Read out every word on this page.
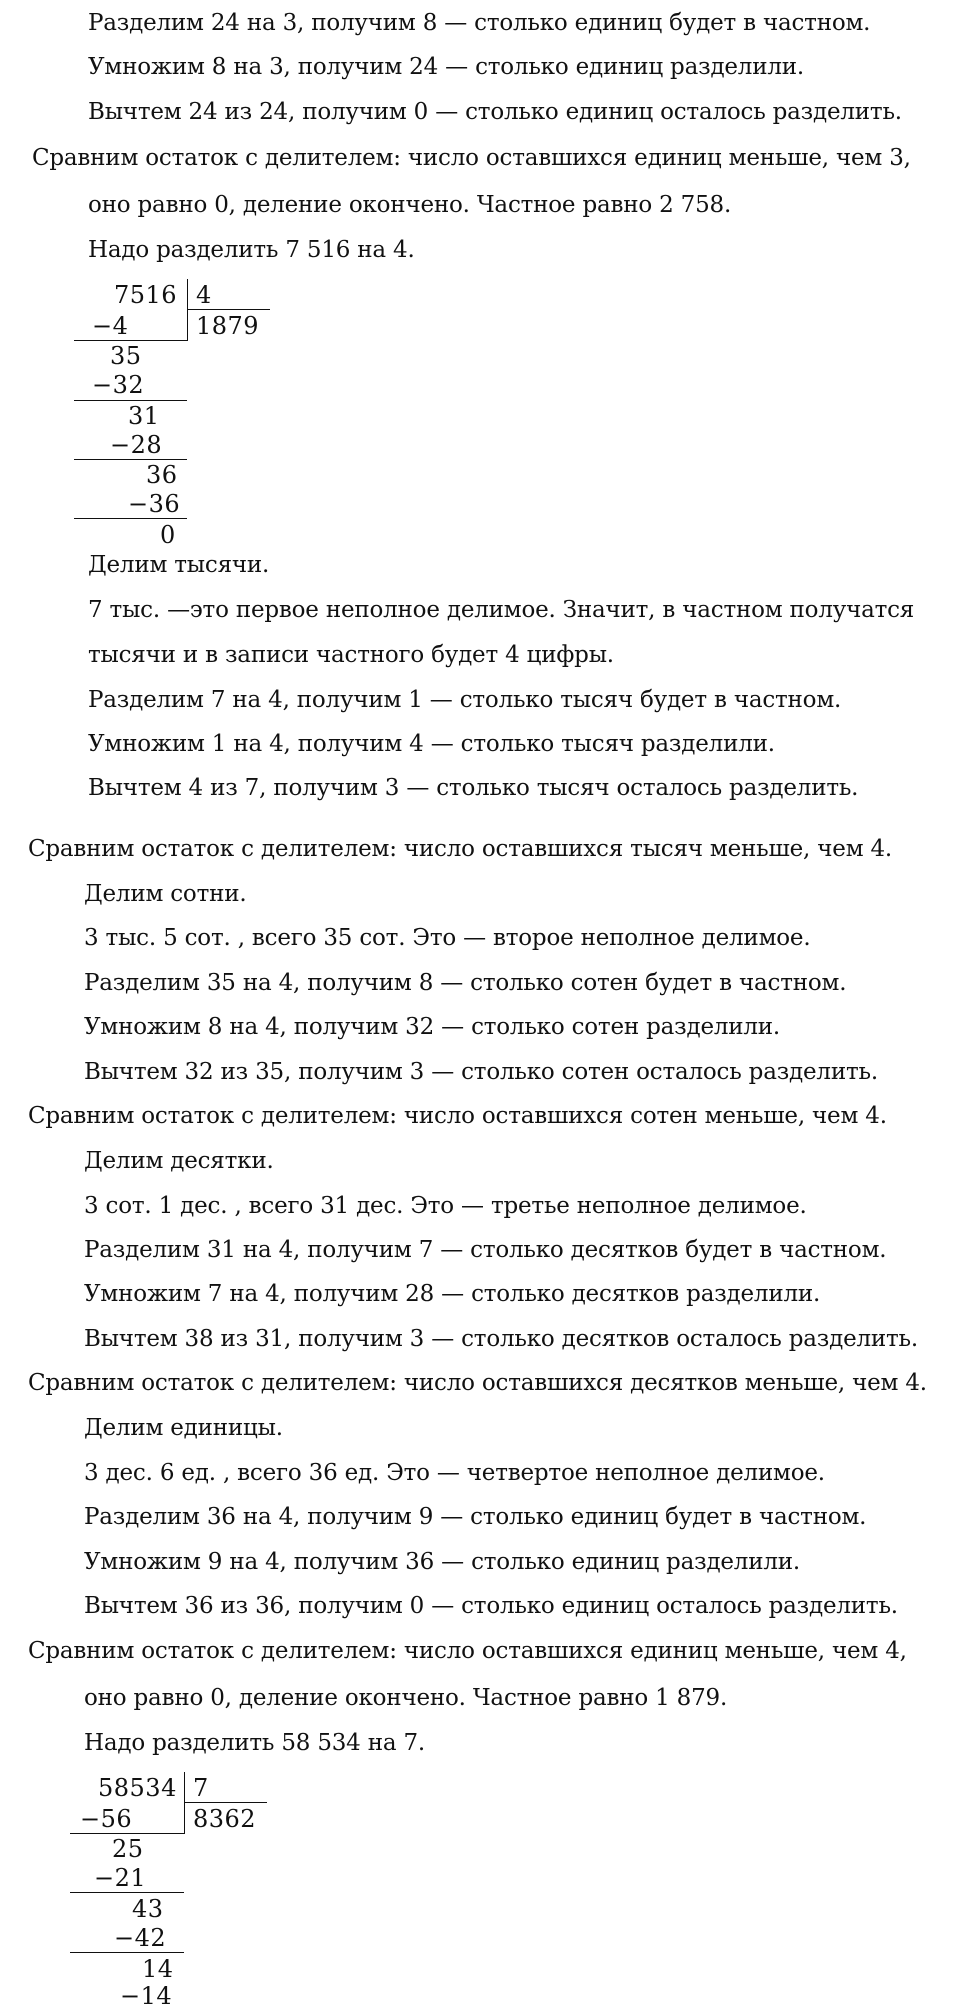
Разделим 24 на 3, получим 8 — столько единиц будет в частном.
Умножим 8 на 3, получим 24 — столько единиц разделили.
Вычтем 24 из 24, получим 0 — столько единиц осталось разделить.
Сравним остаток с делителем: число оставшихся единиц меньше, чем 3,
оно равно 0, деление окончено. Частное равно 2 758.
Надо разделить 7 516 на 4.
7516 4
1879
−4
35
−32
31
−28
36
−36
0
Делим тысячи.
7 тыс. —это первое неполное делимое. Значит, в частном получатся
тысячи и в записи частного будет 4 цифры.
Разделим 7 на 4, получим 1 — столько тысяч будет в частном.
Умножим 1 на 4, получим 4 — столько тысяч разделили.
Вычтем 4 из 7, получим 3 — столько тысяч осталось разделить.
Сравним остаток с делителем: число оставшихся тысяч меньше, чем 4.
Делим сотни.
3 тыс. 5 сот. , всего 35 сот. Это — второе неполное делимое.
Разделим 35 на 4, получим 8 — столько сотен будет в частном.
Умножим 8 на 4, получим 32 — столько сотен разделили.
Вычтем 32 из 35, получим 3 — столько сотен осталось разделить.
Сравним остаток с делителем: число оставшихся сотен меньше, чем 4.
Делим десятки.
3 сот. 1 дес. , всего 31 дес. Это — третье неполное делимое.
Разделим 31 на 4, получим 7 — столько десятков будет в частном.
Умножим 7 на 4, получим 28 — столько десятков разделили.
Вычтем 38 из 31, получим 3 — столько десятков осталось разделить.
Сравним остаток с делителем: число оставшихся десятков меньше, чем 4.
Делим единицы.
3 дес. 6 ед. , всего 36 ед. Это — четвертое неполное делимое.
Разделим 36 на 4, получим 9 — столько единиц будет в частном.
Умножим 9 на 4, получим 36 — столько единиц разделили.
Вычтем 36 из 36, получим 0 — столько единиц осталось разделить.
Сравним остаток с делителем: число оставшихся единиц меньше, чем 4,
оно равно 0, деление окончено. Частное равно 1 879.
Надо разделить 58 534 на 7.
58534 7
8362
−56
25
−21
43
−42
14
−14
